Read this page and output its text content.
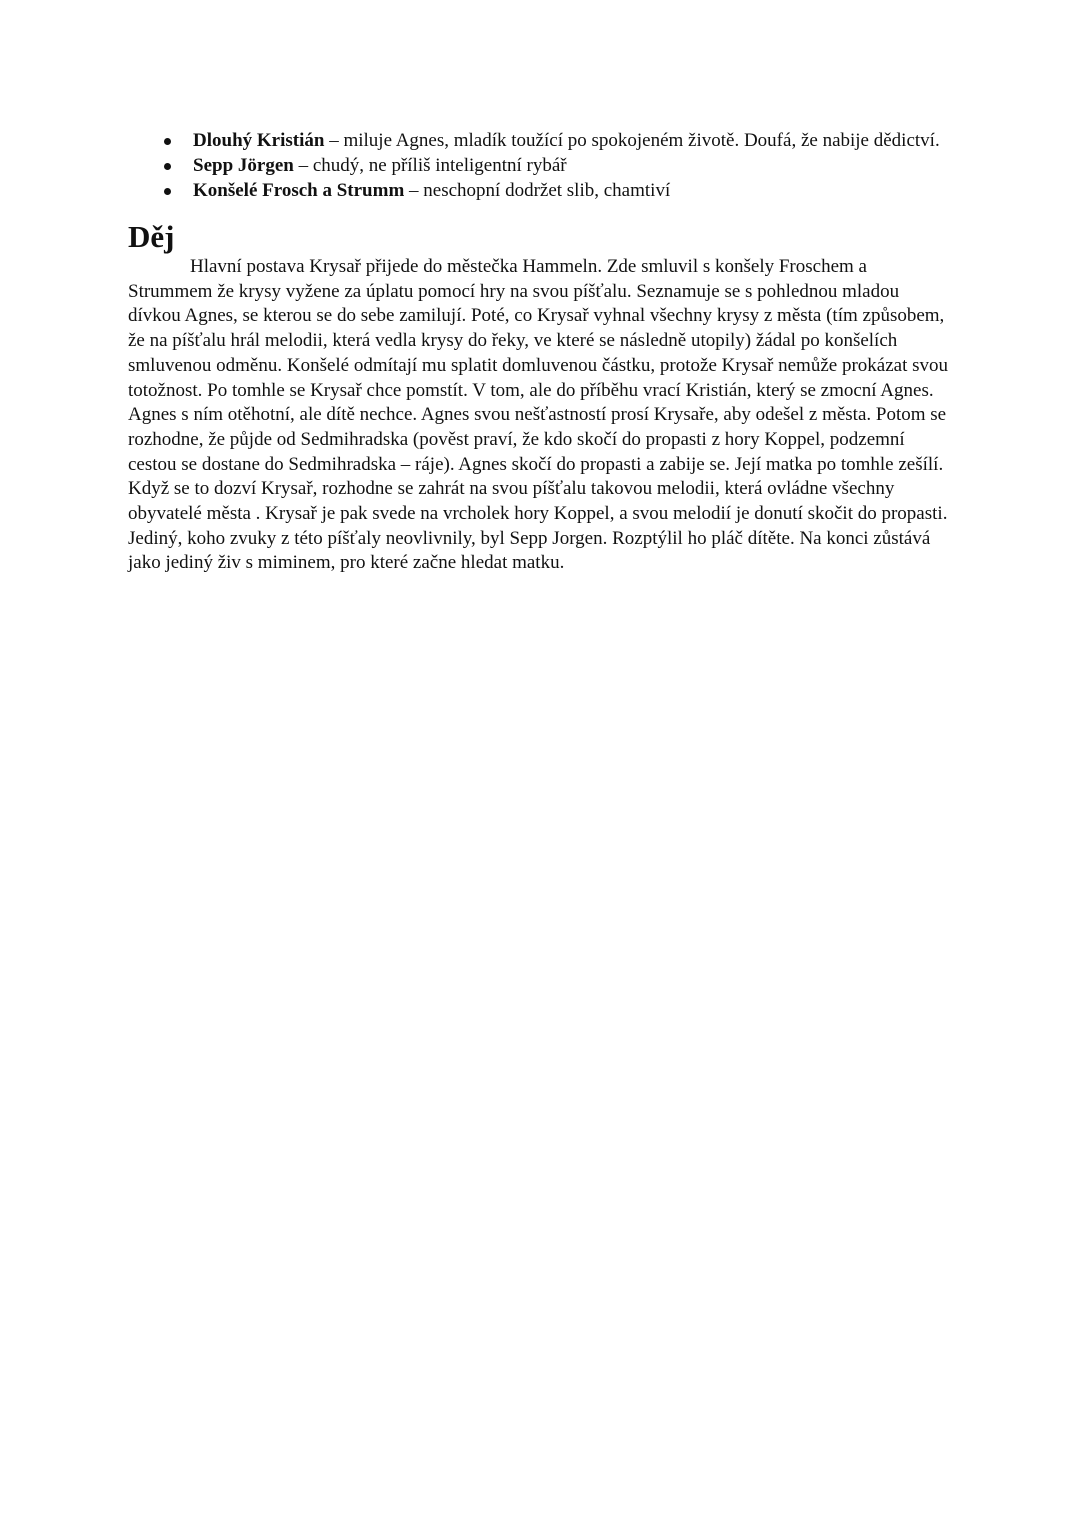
Dlouhý Kristián – miluje Agnes, mladík toužící po spokojeném životě. Doufá, že nabije dědictví.
Sepp Jörgen – chudý, ne příliš inteligentní rybář
Konšelé Frosch a Strumm – neschopní dodržet slib, chamtiví
Děj

Hlavní postava Krysař přijede do městečka Hammeln. Zde smluvil s konšely Froschem a Strummem že krysy vyžene za úplatu pomocí hry na svou píšťalu. Seznamuje se s pohlednou mladou dívkou Agnes, se kterou se do sebe zamilují. Poté, co Krysař vyhnal všechny krysy z města (tím způsobem, že na píšťalu hrál melodii, která vedla krysy do řeky, ve které se následně utopily) žádal po konšelích smluvenou odměnu. Konšelé odmítají mu splatit domluvenou částku, protože Krysař nemůže prokázat svou totožnost. Po tomhle se Krysař chce pomstít. V tom, ale do příběhu vrací Kristián, který se zmocní Agnes. Agnes s ním otěhotní, ale dítě nechce. Agnes svou nešťastností prosí Krysaře, aby odešel z města. Potom se rozhodne, že půjde od Sedmihradska (pověst praví, že kdo skočí do propasti z hory Koppel, podzemní cestou se dostane do Sedmihradska – ráje). Agnes skočí do propasti a zabije se. Její matka po tomhle zešílí. Když se to dozví Krysař, rozhodne se zahrát na svou píšťalu takovou melodii, která ovládne všechny obyvatelé města . Krysař je pak svede na vrcholek hory Koppel, a svou melodií je donutí skočit do propasti. Jediný, koho zvuky z této píšťaly neovlivnily, byl Sepp Jorgen. Rozptýlil ho pláč dítěte. Na konci zůstává jako jediný živ s miminem, pro které začne hledat matku.
